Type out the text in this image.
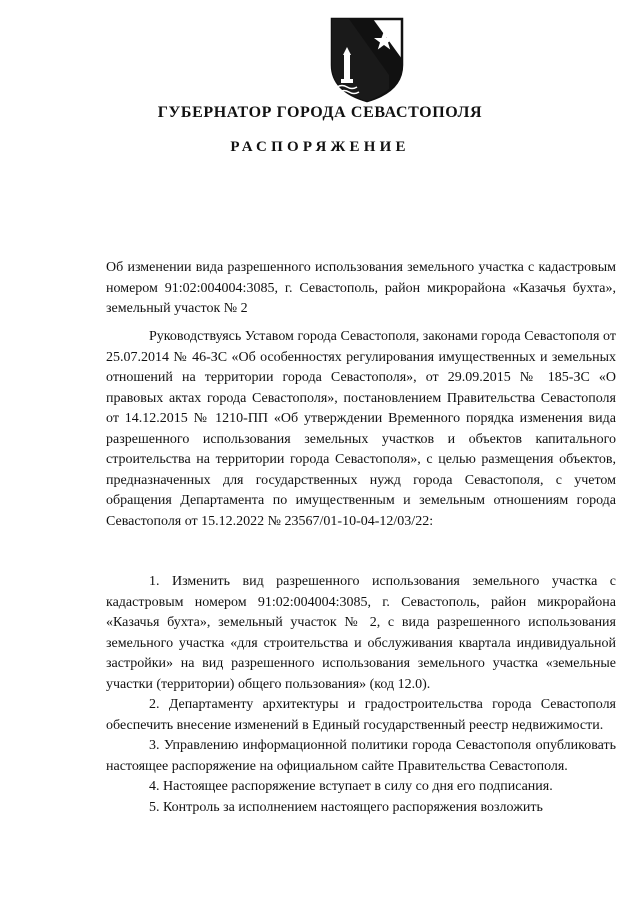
ГУБЕРНАТОР ГОРОДА СЕВАСТОПОЛЯ
РАСПОРЯЖЕНИЕ

Об изменении вида разрешенного использования земельного участка с кадастровым номером 91:02:004004:3085, г. Севастополь, район микрорайона «Казачья бухта», земельный участок № 2

Руководствуясь Уставом города Севастополя, законами города Севастополя от 25.07.2014 № 46-ЗС «Об особенностях регулирования имущественных и земельных отношений на территории города Севастополя», от 29.09.2015 № 185-ЗС «О правовых актах города Севастополя», постановлением Правительства Севастополя от 14.12.2015 № 1210-ПП «Об утверждении Временного порядка изменения вида разрешенного использования земельных участков и объектов капитального строительства на территории города Севастополя», с целью размещения объектов, предназначенных для государственных нужд города Севастополя, с учетом обращения Департамента по имущественным и земельным отношениям города Севастополя от 15.12.2022 № 23567/01-10-04-12/03/22:

1. Изменить вид разрешенного использования земельного участка с кадастровым номером 91:02:004004:3085, г. Севастополь, район микрорайона «Казачья бухта», земельный участок № 2, с вида разрешенного использования земельного участка «для строительства и обслуживания квартала индивидуальной застройки» на вид разрешенного использования земельного участка «земельные участки (территории) общего пользования» (код 12.0).

2. Департаменту архитектуры и градостроительства города Севастополя обеспечить внесение изменений в Единый государственный реестр недвижимости.

3. Управлению информационной политики города Севастополя опубликовать настоящее распоряжение на официальном сайте Правительства Севастополя.

4. Настоящее распоряжение вступает в силу со дня его подписания.

5. Контроль за исполнением настоящего распоряжения возложить
